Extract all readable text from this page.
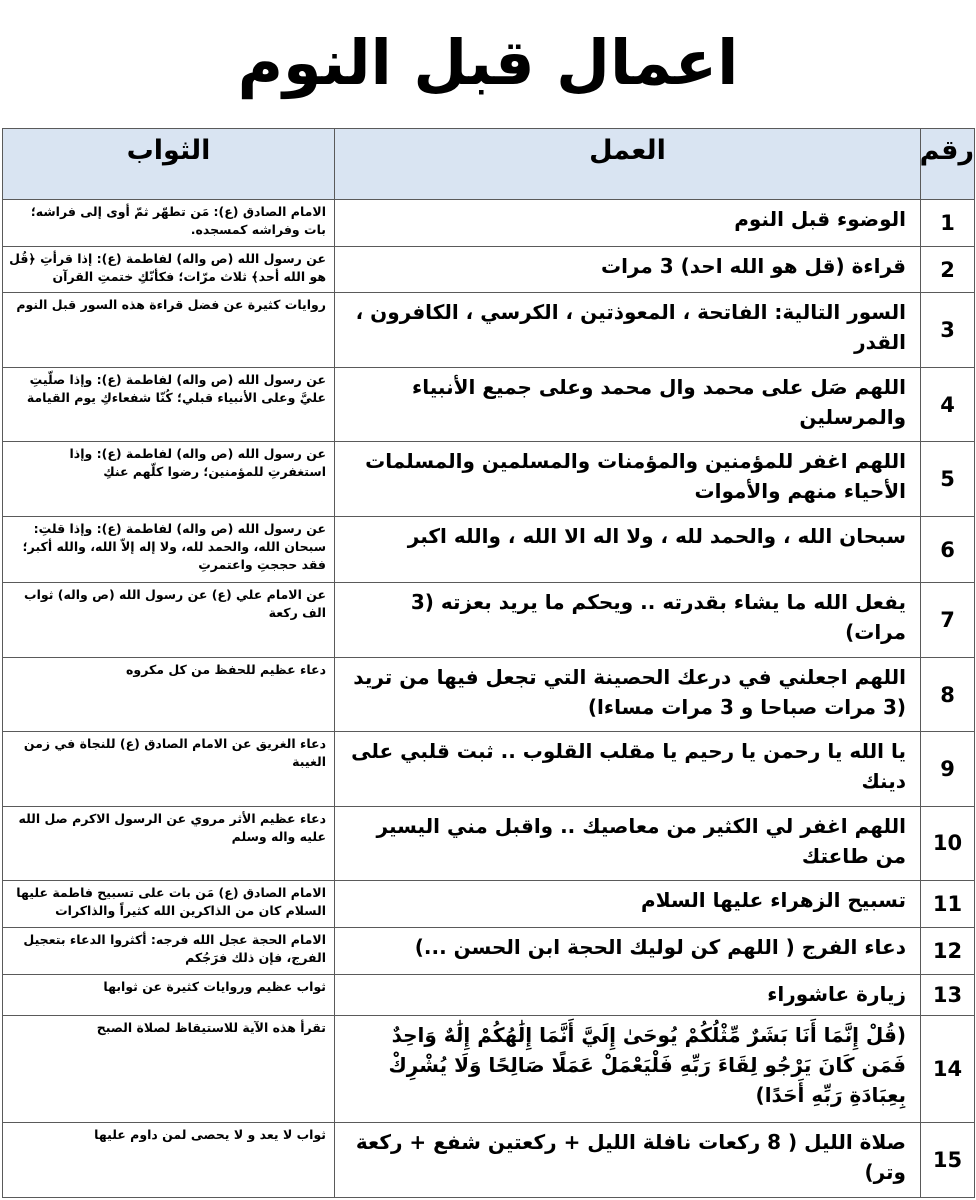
اعمال قبل النوم
رقم	العمل	الثواب
1	الوضوء قبل النوم	الامام الصادق (ع): مَن تطهّر ثمّ أوى إلى فراشه؛ بات وفراشه كمسجده.
2	قراءة (قل هو الله احد) 3 مرات	عن رسول الله (ص واله) لفاطمة (ع): إذا قرأتِ ﴿قُل هو الله أحد﴾ ثلاث مرّات؛ فكأنّكِ ختمتِ القرآن
3	السور التالية: الفاتحة ، المعوذتين ، الكرسي ، الكافرون ، القدر	روايات كثيرة عن فضل قراءة هذه السور قبل النوم
4	اللهم صَل على محمد وال محمد وعلى جميع الأنبياء والمرسلين	عن رسول الله (ص واله) لفاطمة (ع): وإذا صلّيتِ عليَّ وعلى الأنبياء قبلي؛ كُنّا شفعاءكِ يوم القيامة
5	اللهم اغفر للمؤمنين والمؤمنات والمسلمين والمسلمات الأحياء منهم والأموات	عن رسول الله (ص واله) لفاطمة (ع): وإذا استغفرتِ للمؤمنين؛ رضوا كلّهم عنكِ
6	سبحان الله ، والحمد لله ، ولا اله الا الله ، والله اكبر	عن رسول الله (ص واله) لفاطمة (ع): وإذا قلتِ: سبحان الله، والحمد لله، ولا إله إلاّ الله، والله أكبر؛ فقد حججتِ واعتمرتِ
7	يفعل الله ما يشاء بقدرته .. ويحكم ما يريد بعزته (3 مرات)	عن الامام علي (ع) عن رسول الله (ص واله) ثواب الف ركعة
8	اللهم اجعلني في درعك الحصينة التي تجعل فيها من تريد (3 مرات صباحا و 3 مرات مساءا)	دعاء عظيم للحفظ من كل مكروه
9	يا الله يا رحمن يا رحيم يا مقلب القلوب .. ثبت قلبي على دينك	دعاء الغريق عن الامام الصادق (ع) للنجاة في زمن الغيبة
10	اللهم اغفر لي الكثير من معاصيك .. واقبل مني اليسير من طاعتك	دعاء عظيم الأثر مروي عن الرسول الاكرم صل الله عليه واله وسلم
11	تسبيح الزهراء عليها السلام	الامام الصادق (ع) مَن بات على تسبيح فاطمة عليها السلام كان من الذاكرين الله كثيراً والذاكرات
12	دعاء الفرج ( اللهم كن لوليك الحجة ابن الحسن ...)	الامام الحجة عجل الله فرجه: أكثروا الدعاء بتعجيل الفرج، فإن ذلك فرَجُكم
13	زيارة عاشوراء	ثواب عظيم وروايات كثيرة عن ثوابها
14	(قُلْ إِنَّمَا أَنَا بَشَرٌ مِّثْلُكُمْ يُوحَىٰ إِلَيَّ أَنَّمَا إِلَٰهُكُمْ إِلَٰهٌ وَاحِدٌ فَمَن كَانَ يَرْجُو لِقَاءَ رَبِّهِ فَلْيَعْمَلْ عَمَلًا صَالِحًا وَلَا يُشْرِكْ بِعِبَادَةِ رَبِّهِ أَحَدًا)	تقرأ هذه الآية للاستيقاظ لصلاة الصبح
15	صلاة الليل ( 8 ركعات نافلة الليل + ركعتين شفع + ركعة وتر)	ثواب لا يعد و لا يحصى لمن داوم عليها
